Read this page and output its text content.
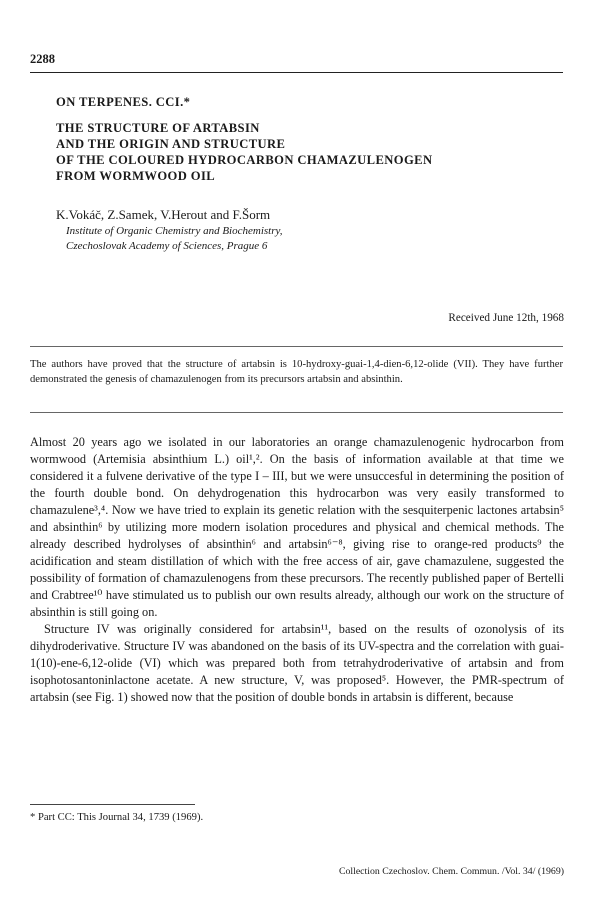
2288
ON TERPENES. CCI.*
THE STRUCTURE OF ARTABSIN
AND THE ORIGIN AND STRUCTURE
OF THE COLOURED HYDROCARBON CHAMAZULENOGEN
FROM WORMWOOD OIL
K.Vokáč, Z.Samek, V.Herout and F.Šorm
Institute of Organic Chemistry and Biochemistry,
Czechoslovak Academy of Sciences, Prague 6
Received June 12th, 1968
The authors have proved that the structure of artabsin is 10-hydroxy-guai-1,4-dien-6,12-olide (VII). They have further demonstrated the genesis of chamazulenogen from its precursors artabsin and absinthin.

Almost 20 years ago we isolated in our laboratories an orange chamazulenogenic hydrocarbon from wormwood (Artemisia absinthium L.) oil¹,². On the basis of information available at that time we considered it a fulvene derivative of the type I – III, but we were unsuccesful in determining the position of the fourth double bond. On dehydrogenation this hydrocarbon was very easily transformed to chamazulene³,⁴. Now we have tried to explain its genetic relation with the sesquiterpenic lactones artabsin⁵ and absinthin⁶ by utilizing more modern isolation procedures and physical and chemical methods. The already described hydrolyses of absinthin⁶ and artabsin⁶⁻⁸, giving rise to orange-red products⁹ the acidification and steam distillation of which with the free access of air, gave chamazulene, suggested the possibility of formation of chamazulenogens from these precursors. The recently published paper of Bertelli and Crabtree¹⁰ have stimulated us to publish our own results already, although our work on the structure of absinthin is still going on.

Structure IV was originally considered for artabsin¹¹, based on the results of ozonolysis of its dihydroderivative. Structure IV was abandoned on the basis of its UV-spectra and the correlation with guai-1(10)-ene-6,12-olide (VI) which was prepared both from tetrahydroderivative of artabsin and from isophotosantoninlactone acetate. A new structure, V, was proposed⁵. However, the PMR-spectrum of artabsin (see Fig. 1) showed now that the position of double bonds in artabsin is different, because

* Part CC: This Journal 34, 1739 (1969).
Collection Czechoslov. Chem. Commun. /Vol. 34/ (1969)
